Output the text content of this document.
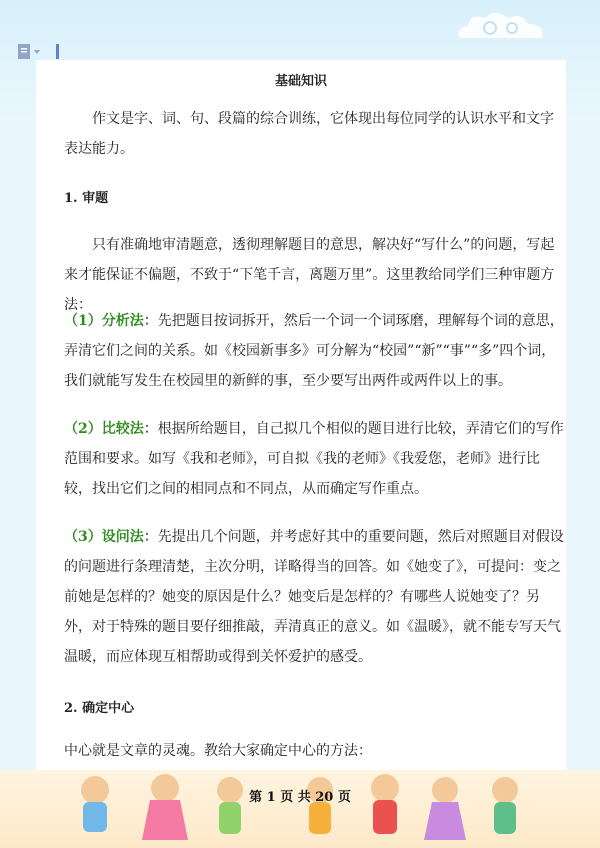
基础知识

作文是字、词、句、段篇的综合训练，它体现出每位同学的认识水平和文字表达能力。

1. 审题

只有准确地审清题意，透彻理解题目的意思，解决好“写什么”的问题，写起来才能保证不偏题，不致于“下笔千言，离题万里”。这里教给同学们三种审题方法：

（1）分析法：先把题目按词拆开，然后一个词一个词琢磨，理解每个词的意思，弄清它们之间的关系。如《校园新事多》可分解为“校园”“新”“事”“多”四个词，我们就能写发生在校园里的新鲜的事，至少要写出两件或两件以上的事。

（2）比较法：根据所给题目，自己拟几个相似的题目进行比较，弄清它们的写作范围和要求。如写《我和老师》，可自拟《我的老师》《我爱您，老师》进行比较，找出它们之间的相同点和不同点，从而确定写作重点。

（3）设问法：先提出几个问题，并考虑好其中的重要问题，然后对照题目对假设的问题进行条理清楚，主次分明，详略得当的回答。如《她变了》，可提问：变之前她是怎样的？她变的原因是什么？她变后是怎样的？有哪些人说她变了？另外，对于特殊的题目要仔细推敲，弄清真正的意义。如《温暖》，就不能专写天气温暖，而应体现互相帮助或得到关怀爱护的感受。

2. 确定中心

中心就是文章的灵魂。教给大家确定中心的方法：

第 1 页 共 20 页
